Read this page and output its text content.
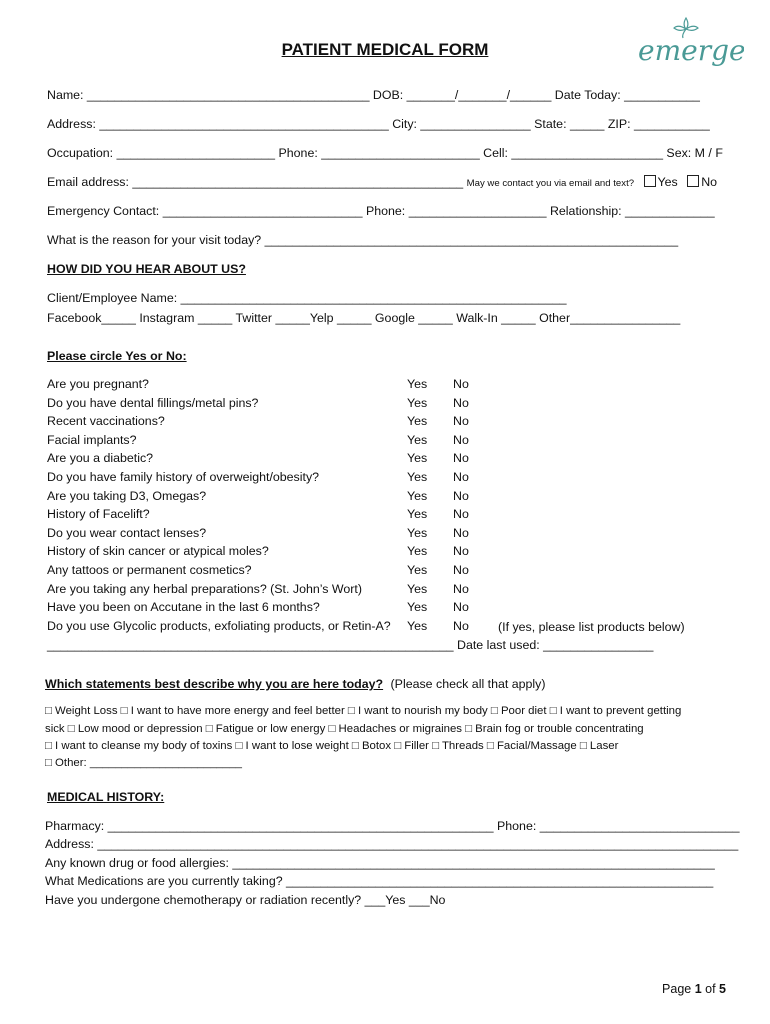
PATIENT MEDICAL FORM	emerge
Name: _________________________________________ DOB: _______/_______/______ Date Today: ___________
Address: __________________________________________ City: ________________ State: _____ ZIP: ___________
Occupation: _______________________ Phone: _______________________ Cell: ______________________ Sex: M / F
Email address: ________________________________________________ May we contact you via email and text? Yes No
Emergency Contact: _____________________________ Phone: ____________________ Relationship: _____________
What is the reason for your visit today? ____________________________________________________________
HOW DID YOU HEAR ABOUT US?
Client/Employee Name: ________________________________________________________
Facebook_____ Instagram _____ Twitter _____Yelp _____ Google _____ Walk-In _____ Other________________
Please circle Yes or No:
Are you pregnant?	Yes No
Do you have dental fillings/metal pins?	Yes No
Recent vaccinations?	Yes No
Facial implants?	Yes No
Are you a diabetic?	Yes No
Do you have family history of overweight/obesity?	Yes No
Are you taking D3, Omegas?	Yes No
History of Facelift?	Yes No
Do you wear contact lenses?	Yes No
History of skin cancer or atypical moles?	Yes No
Any tattoos or permanent cosmetics?	Yes No
Are you taking any herbal preparations? (St. John’s Wort)	Yes No
Have you been on Accutane in the last 6 months?	Yes No
Do you use Glycolic products, exfoliating products, or Retin-A? Yes No (If yes, please list products below)
___________________________________________________________ Date last used: ________________
Which statements best describe why you are here today? (Please check all that apply)
□ Weight Loss □ I want to have more energy and feel better □ I want to nourish my body □ Poor diet □ I want to prevent getting
sick □ Low mood or depression □ Fatigue or low energy □ Headaches or migraines □ Brain fog or trouble concentrating
□ I want to cleanse my body of toxins □ I want to lose weight □ Botox □ Filler □ Threads □ Facial/Massage □ Laser
□ Other: ________________________
MEDICAL HISTORY:
Pharmacy: ________________________________________________________ Phone: _____________________________
Address: _____________________________________________________________________________________________
Any known drug or food allergies: ______________________________________________________________________
What Medications are you currently taking? ______________________________________________________________
Have you undergone chemotherapy or radiation recently? ___Yes ___No
Page 1 of 5
